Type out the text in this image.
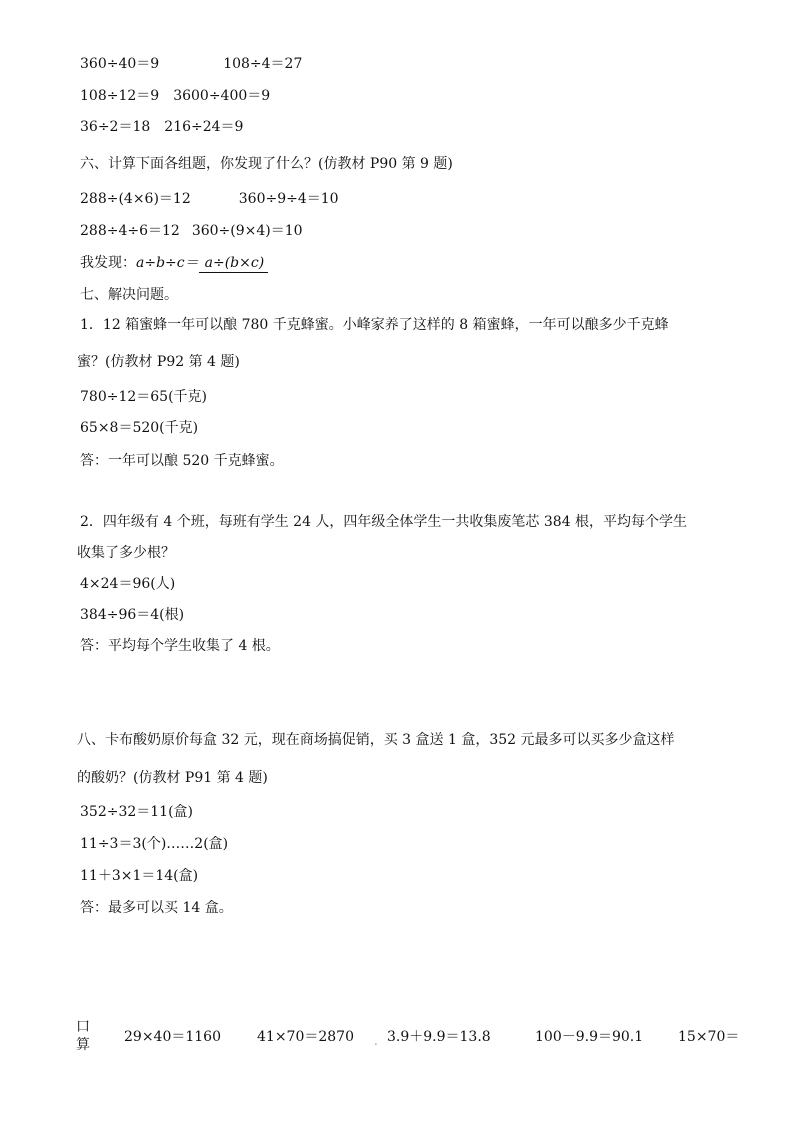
360÷40＝9	108÷4＝27
108÷12＝9 3600÷400＝9
36÷2＝18 216÷24＝9
六、计算下面各组题，你发现了什么？(仿教材 P90 第 9 题)
288÷(4×6)＝12	360÷9÷4＝10
288÷4÷6＝12 360÷(9×4)＝10
我发现：a÷b÷c＝ a÷(b×c)
七、解决问题。
1．12 箱蜜蜂一年可以酿 780 千克蜂蜜。小峰家养了这样的 8 箱蜜蜂，一年可以酿多少千克蜂
蜜？(仿教材 P92 第 4 题)
780÷12＝65(千克)
65×8＝520(千克)
答：一年可以酿 520 千克蜂蜜。
2．四年级有 4 个班，每班有学生 24 人，四年级全体学生一共收集废笔芯 384 根，平均每个学生
收集了多少根？
4×24＝96(人)
384÷96＝4(根)
答：平均每个学生收集了 4 根。
八、卡布酸奶原价每盒 32 元，现在商场搞促销，买 3 盒送 1 盒，352 元最多可以买多少盒这样
的酸奶？(仿教材 P91 第 4 题)
352÷32＝11(盒)
11÷3＝3(个)……2(盒)
11＋3×1＝14(盒)
答：最多可以买 14 盒。
口
算 29×40＝1160	41×70＝2870 . 3.9＋9.9＝13.8	100－9.9＝90.1 15×70＝
